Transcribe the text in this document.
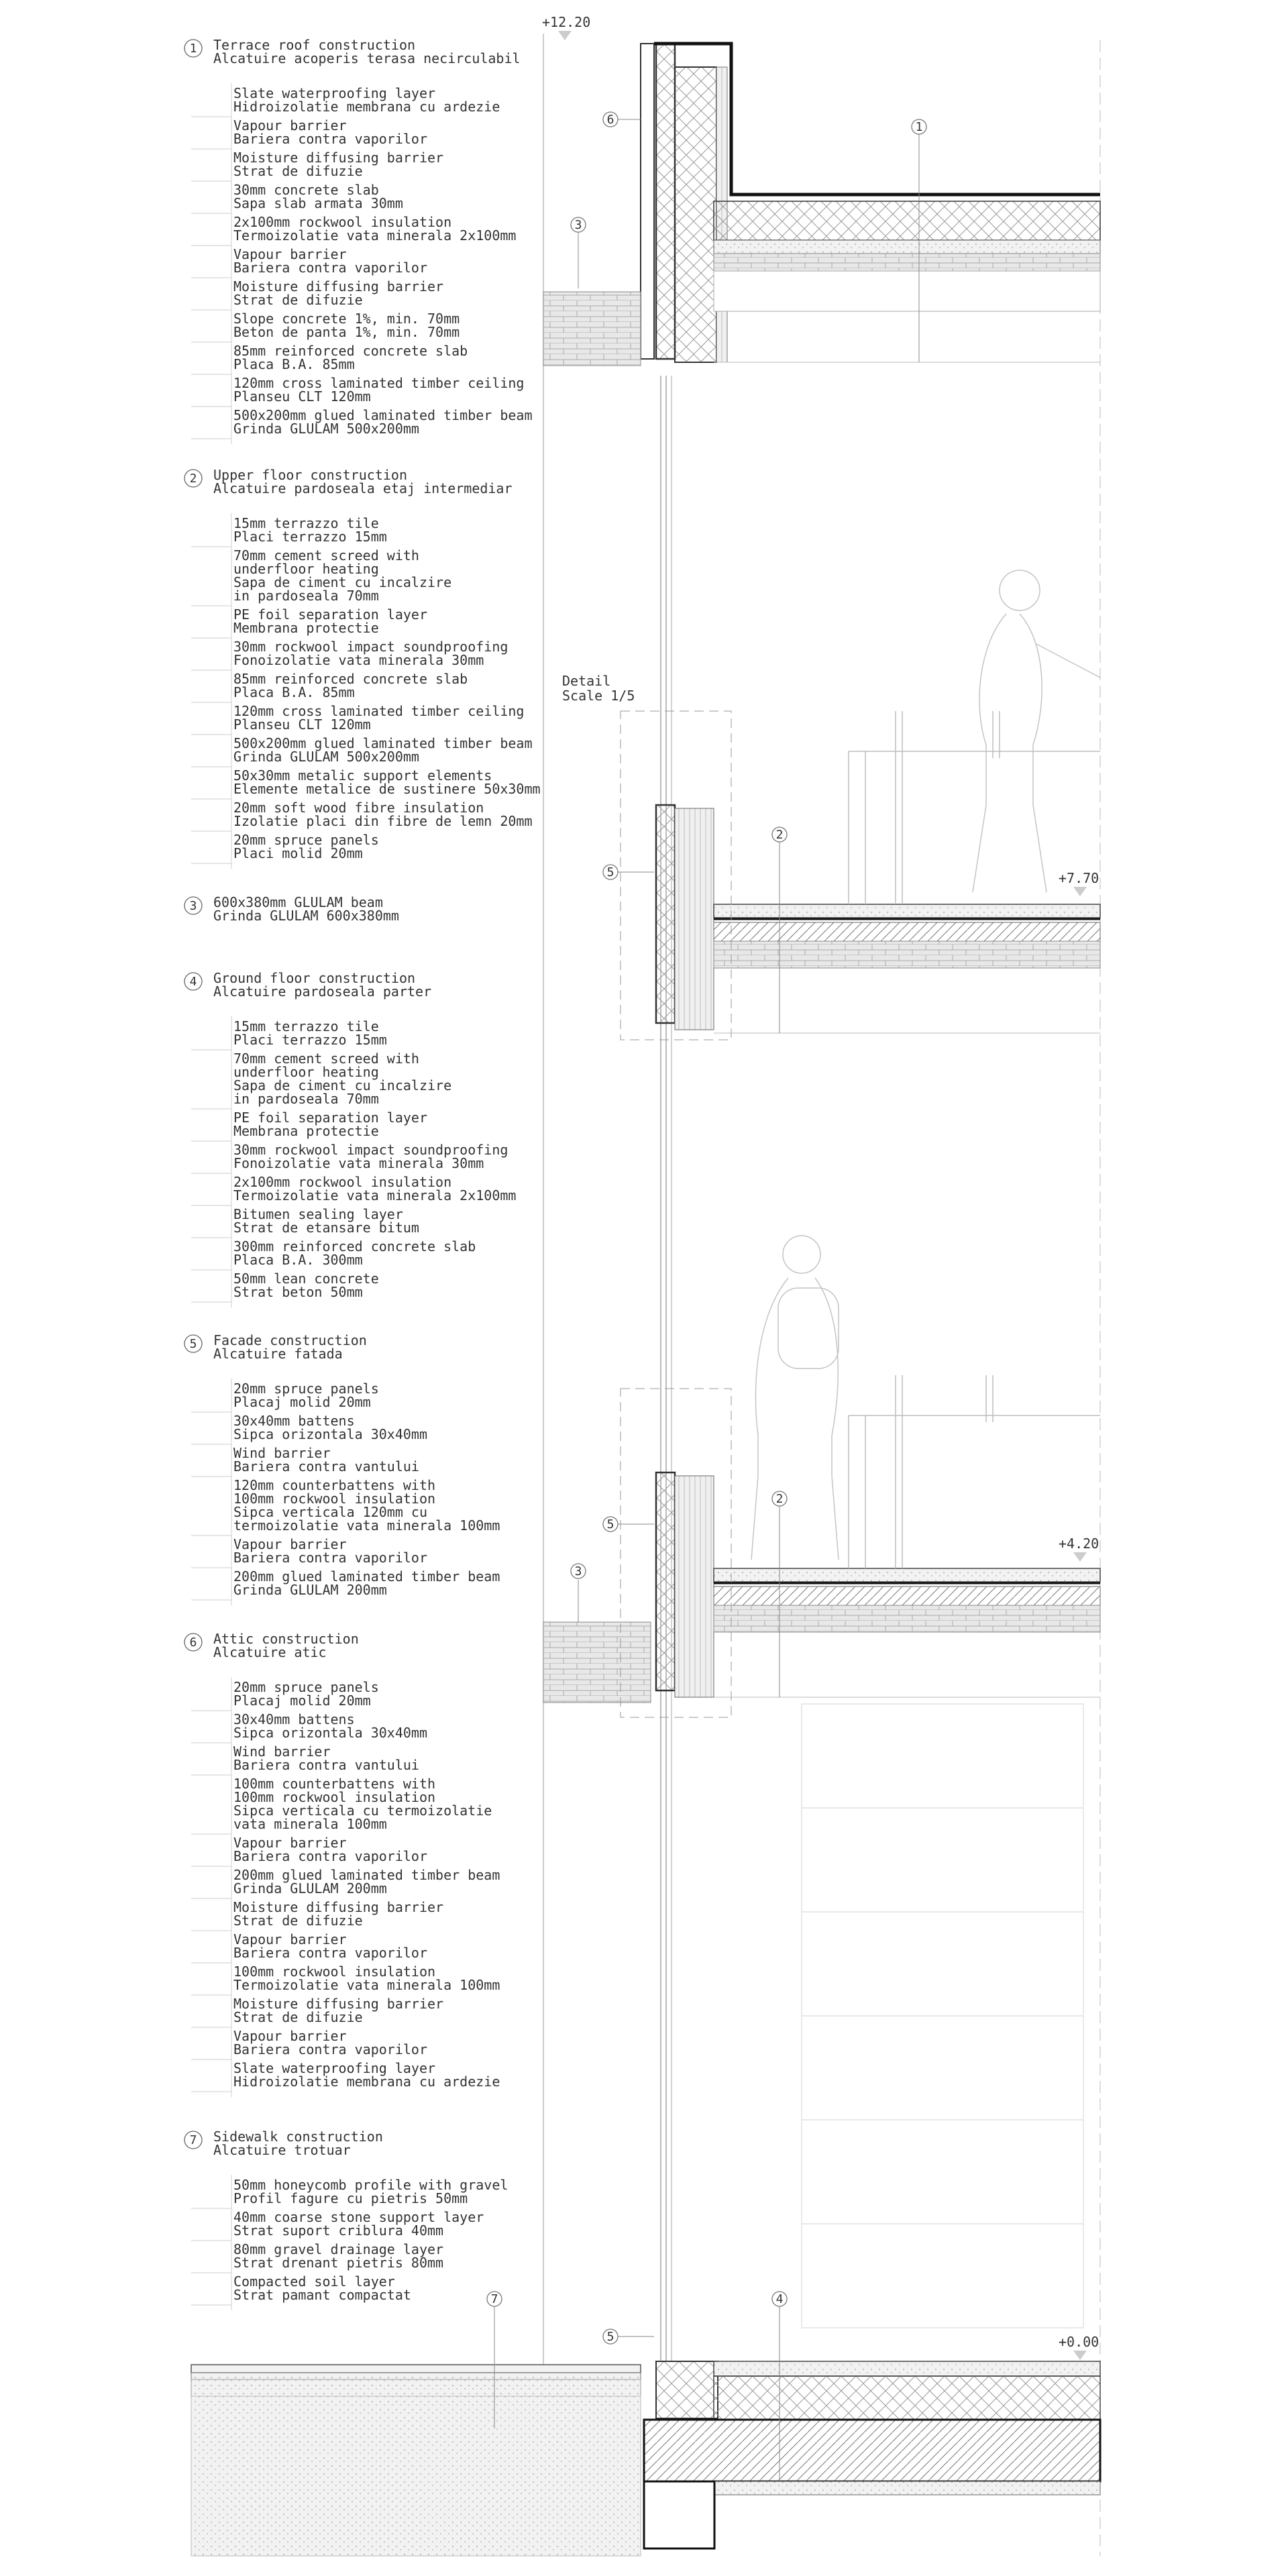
1 Terrace roof construction
Alcatuire acoperis terasa necirculabil
Slate waterproofing layer
Hidroizolatie membrana cu ardezie
Vapour barrier
Bariera contra vaporilor
Moisture diffusing barrier
Strat de difuzie
30mm concrete slab
Sapa slab armata 30mm
2x100mm rockwool insulation
Termoizolatie vata minerala 2x100mm
Vapour barrier
Bariera contra vaporilor
Moisture diffusing barrier
Strat de difuzie
Slope concrete 1%, min. 70mm
Beton de panta 1%, min. 70mm
85mm reinforced concrete slab
Placa B.A. 85mm
120mm cross laminated timber ceiling
Planseu CLT 120mm
500x200mm glued laminated timber beam
Grinda GLULAM 500x200mm
2 Upper floor construction
Alcatuire pardoseala etaj intermediar
15mm terrazzo tile
Placi terrazzo 15mm
70mm cement screed with
underfloor heating
Sapa de ciment cu incalzire
in pardoseala 70mm
PE foil separation layer
Membrana protectie
30mm rockwool impact soundproofing
Fonoizolatie vata minerala 30mm
85mm reinforced concrete slab
Placa B.A. 85mm
120mm cross laminated timber ceiling
Planseu CLT 120mm
500x200mm glued laminated timber beam
Grinda GLULAM 500x200mm
50x30mm metalic support elements
Elemente metalice de sustinere 50x30mm
20mm soft wood fibre insulation
Izolatie placi din fibre de lemn 20mm
20mm spruce panels
Placi molid 20mm
3 600x380mm GLULAM beam
Grinda GLULAM 600x380mm
4 Ground floor construction
Alcatuire pardoseala parter
15mm terrazzo tile
Placi terrazzo 15mm
70mm cement screed with
underfloor heating
Sapa de ciment cu incalzire
in pardoseala 70mm
PE foil separation layer
Membrana protectie
30mm rockwool impact soundproofing
Fonoizolatie vata minerala 30mm
2x100mm rockwool insulation
Termoizolatie vata minerala 2x100mm
Bitumen sealing layer
Strat de etansare bitum
300mm reinforced concrete slab
Placa B.A. 300mm
50mm lean concrete
Strat beton 50mm
5 Facade construction
Alcatuire fatada
20mm spruce panels
Placaj molid 20mm
30x40mm battens
Sipca orizontala 30x40mm
Wind barrier
Bariera contra vantului
120mm counterbattens with
100mm rockwool insulation
Sipca verticala 120mm cu
termoizolatie vata minerala 100mm
Vapour barrier
Bariera contra vaporilor
200mm glued laminated timber beam
Grinda GLULAM 200mm
6 Attic construction
Alcatuire atic
20mm spruce panels
Placaj molid 20mm
30x40mm battens
Sipca orizontala 30x40mm
Wind barrier
Bariera contra vantului
100mm counterbattens with
100mm rockwool insulation
Sipca verticala cu termoizolatie
vata minerala 100mm
Vapour barrier
Bariera contra vaporilor
200mm glued laminated timber beam
Grinda GLULAM 200mm
Moisture diffusing barrier
Strat de difuzie
Vapour barrier
Bariera contra vaporilor
100mm rockwool insulation
Termoizolatie vata minerala 100mm
Moisture diffusing barrier
Strat de difuzie
Vapour barrier
Bariera contra vaporilor
Slate waterproofing layer
Hidroizolatie membrana cu ardezie
7 Sidewalk construction
Alcatuire trotuar
50mm honeycomb profile with gravel
Profil fagure cu pietris 50mm
40mm coarse stone support layer
Strat suport criblura 40mm
80mm gravel drainage layer
Strat drenant pietris 80mm
Compacted soil layer
Strat pamant compactat
+12.20
+7.70
+4.20
+0.00
Detail
Scale 1/5
1
2
2
3
3
4
5
5
5
6
7
